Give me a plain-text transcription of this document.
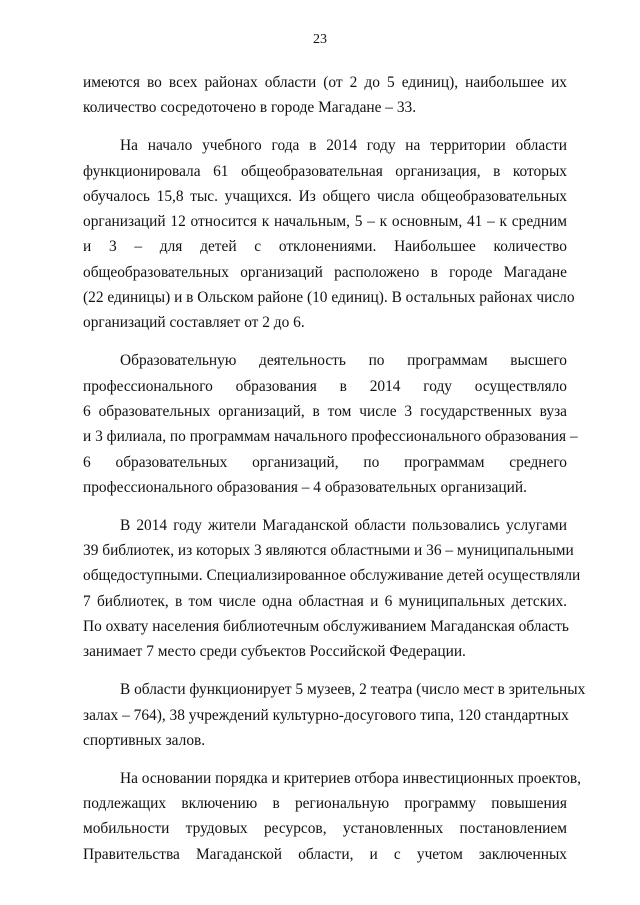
23
имеются во всех районах области (от 2 до 5 единиц), наибольшее их
количество сосредоточено в городе Магадане – 33.
На начало учебного года в 2014 году на территории области
функционировала 61 общеобразовательная организация, в которых
обучалось 15,8 тыс. учащихся. Из общего числа общеобразовательных
организаций 12 относится к начальным, 5 – к основным, 41 – к средним
и 3 – для детей с отклонениями. Наибольшее количество
общеобразовательных организаций расположено в городе Магадане
(22 единицы) и в Ольском районе (10 единиц). В остальных районах число
организаций составляет от 2 до 6.
Образовательную деятельность по программам высшего
профессионального образования в 2014 году осуществляло
6 образовательных организаций, в том числе 3 государственных вуза
и 3 филиала, по программам начального профессионального образования –
6 образовательных организаций, по программам среднего
профессионального образования – 4 образовательных организаций.
В 2014 году жители Магаданской области пользовались услугами
39 библиотек, из которых 3 являются областными и 36 – муниципальными
общедоступными. Специализированное обслуживание детей осуществляли
7 библиотек, в том числе одна областная и 6 муниципальных детских.
По охвату населения библиотечным обслуживанием Магаданская область
занимает 7 место среди субъектов Российской Федерации.
В области функционирует 5 музеев, 2 театра (число мест в зрительных
залах – 764), 38 учреждений культурно-досугового типа, 120 стандартных
спортивных залов.
На основании порядка и критериев отбора инвестиционных проектов,
подлежащих включению в региональную программу повышения
мобильности трудовых ресурсов, установленных постановлением
Правительства Магаданской области, и с учетом заключенных
